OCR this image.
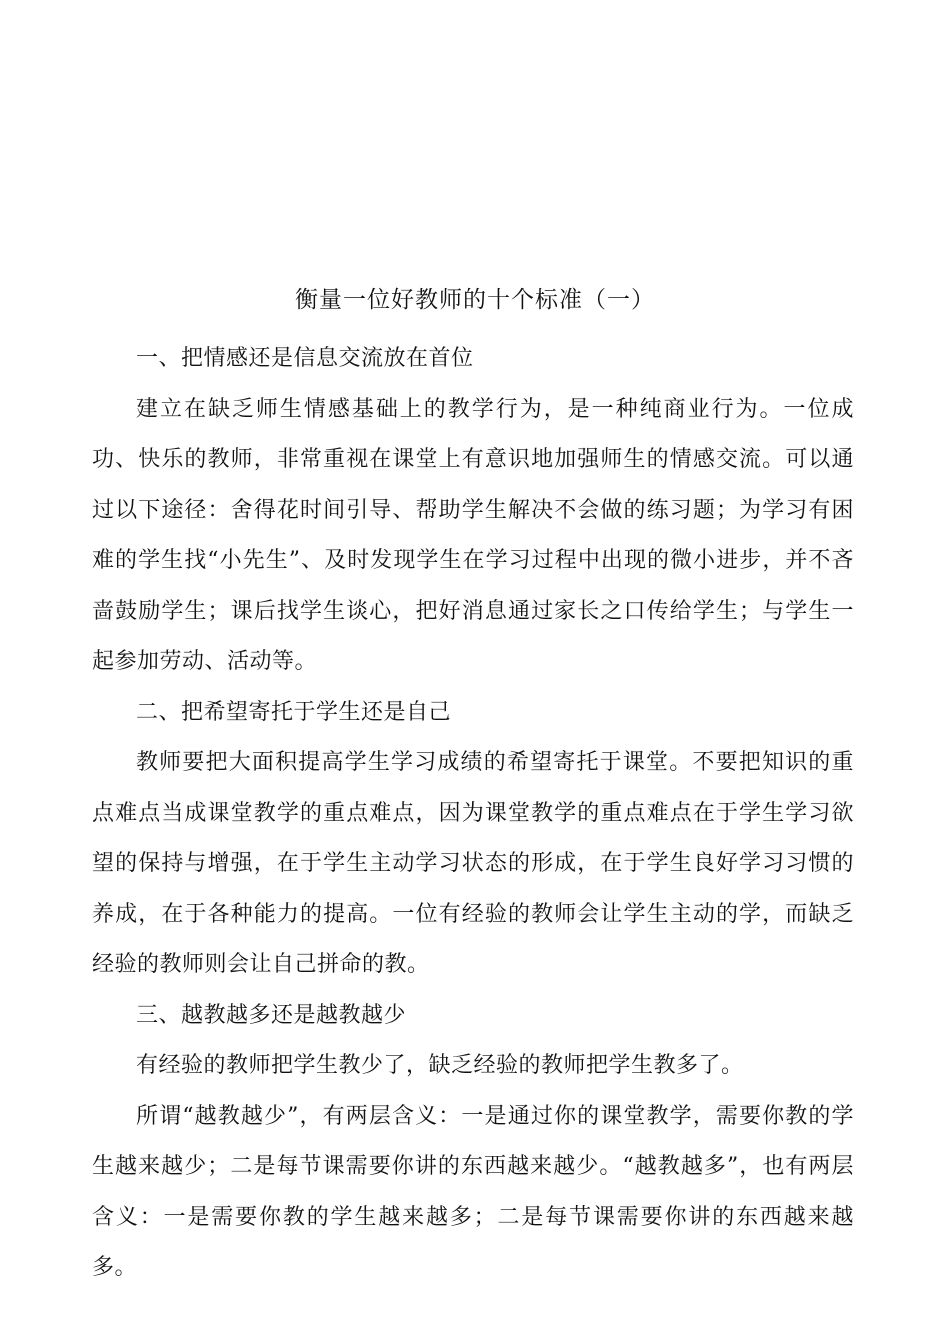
衡量一位好教师的十个标准（一）

一、把情感还是信息交流放在首位

建立在缺乏师生情感基础上的教学行为，是一种纯商业行为。一位成功、快乐的教师，非常重视在课堂上有意识地加强师生的情感交流。可以通过以下途径：舍得花时间引导、帮助学生解决不会做的练习题；为学习有困难的学生找“小先生”、及时发现学生在学习过程中出现的微小进步，并不吝啬鼓励学生；课后找学生谈心，把好消息通过家长之口传给学生；与学生一起参加劳动、活动等。

二、把希望寄托于学生还是自己

教师要把大面积提高学生学习成绩的希望寄托于课堂。不要把知识的重点难点当成课堂教学的重点难点，因为课堂教学的重点难点在于学生学习欲望的保持与增强，在于学生主动学习状态的形成，在于学生良好学习习惯的养成，在于各种能力的提高。一位有经验的教师会让学生主动的学，而缺乏经验的教师则会让自己拼命的教。

三、越教越多还是越教越少

有经验的教师把学生教少了，缺乏经验的教师把学生教多了。

所谓“越教越少”，有两层含义：一是通过你的课堂教学，需要你教的学生越来越少；二是每节课需要你讲的东西越来越少。“越教越多”，也有两层含义：一是需要你教的学生越来越多；二是每节课需要你讲的东西越来越多。
